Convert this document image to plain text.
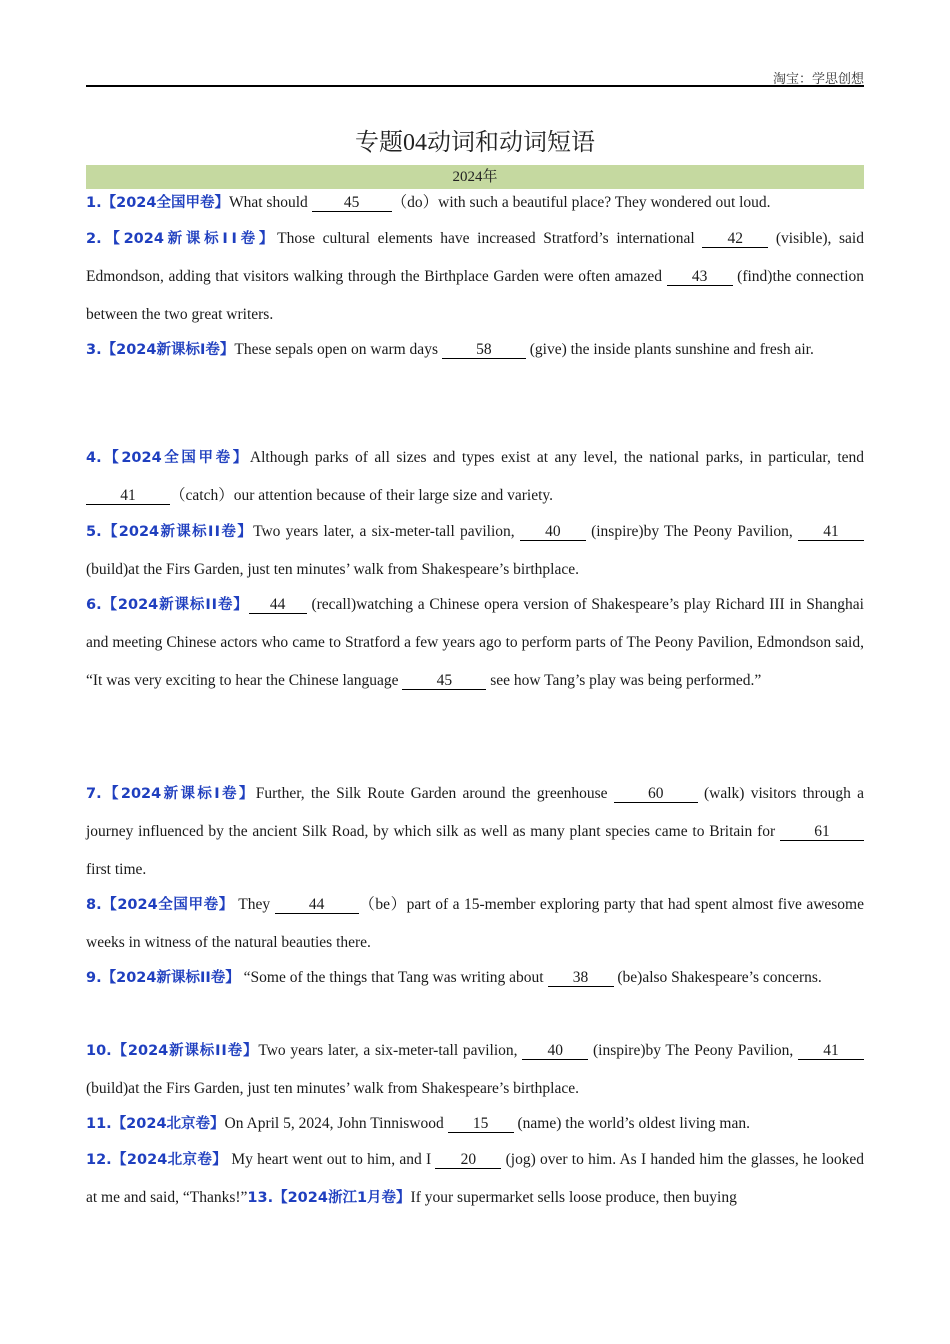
淘宝：学思创想
专题04动词和动词短语
2024年
1.【2024全国甲卷】What should 45 （do）with such a beautiful place? They wondered out loud.
2.【2024新课标ⅠⅠ卷】Those cultural elements have increased Stratford’s international 42 (visible), said Edmondson, adding that visitors walking through the Birthplace Garden were often amazed 43 (find)the connection between the two great writers.
3.【2024新课标Ⅰ卷】These sepals open on warm days 58 (give) the inside plants sunshine and fresh air.
4.【2024全国甲卷】Although parks of all sizes and types exist at any level, the national parks, in particular, tend 41 （catch）our attention because of their large size and variety.
5.【2024新课标ⅠⅠ卷】Two years later, a six-meter-tall pavilion, 40 (inspire)by The Peony Pavilion, 41 (build)at the Firs Garden, just ten minutes’ walk from Shakespeare’s birthplace.
6.【2024新课标ⅠⅠ卷】 44 (recall)watching a Chinese opera version of Shakespeare’s play Richard III in Shanghai and meeting Chinese actors who came to Stratford a few years ago to perform parts of The Peony Pavilion, Edmondson said, “It was very exciting to hear the Chinese language 45 see how Tang’s play was being performed.”
7.【2024新课标Ⅰ卷】Further, the Silk Route Garden around the greenhouse 60 (walk) visitors through a journey influenced by the ancient Silk Road, by which silk as well as many plant species came to Britain for 61 first time.
8.【2024全国甲卷】 They 44 （be）part of a 15-member exploring party that had spent almost five awesome weeks in witness of the natural beauties there.
9.【2024新课标ⅠⅠ卷】 “Some of the things that Tang was writing about 38 (be)also Shakespeare’s concerns.
10.【2024新课标ⅠⅠ卷】Two years later, a six-meter-tall pavilion, 40 (inspire)by The Peony Pavilion, 41 (build)at the Firs Garden, just ten minutes’ walk from Shakespeare’s birthplace.
11.【2024北京卷】On April 5, 2024, John Tinniswood 15 (name) the world’s oldest living man.
12.【2024北京卷】 My heart went out to him, and I 20 (jog) over to him. As I handed him the glasses, he looked at me and said, “Thanks!”13.【2024浙江1月卷】If your supermarket sells loose produce, then buying
